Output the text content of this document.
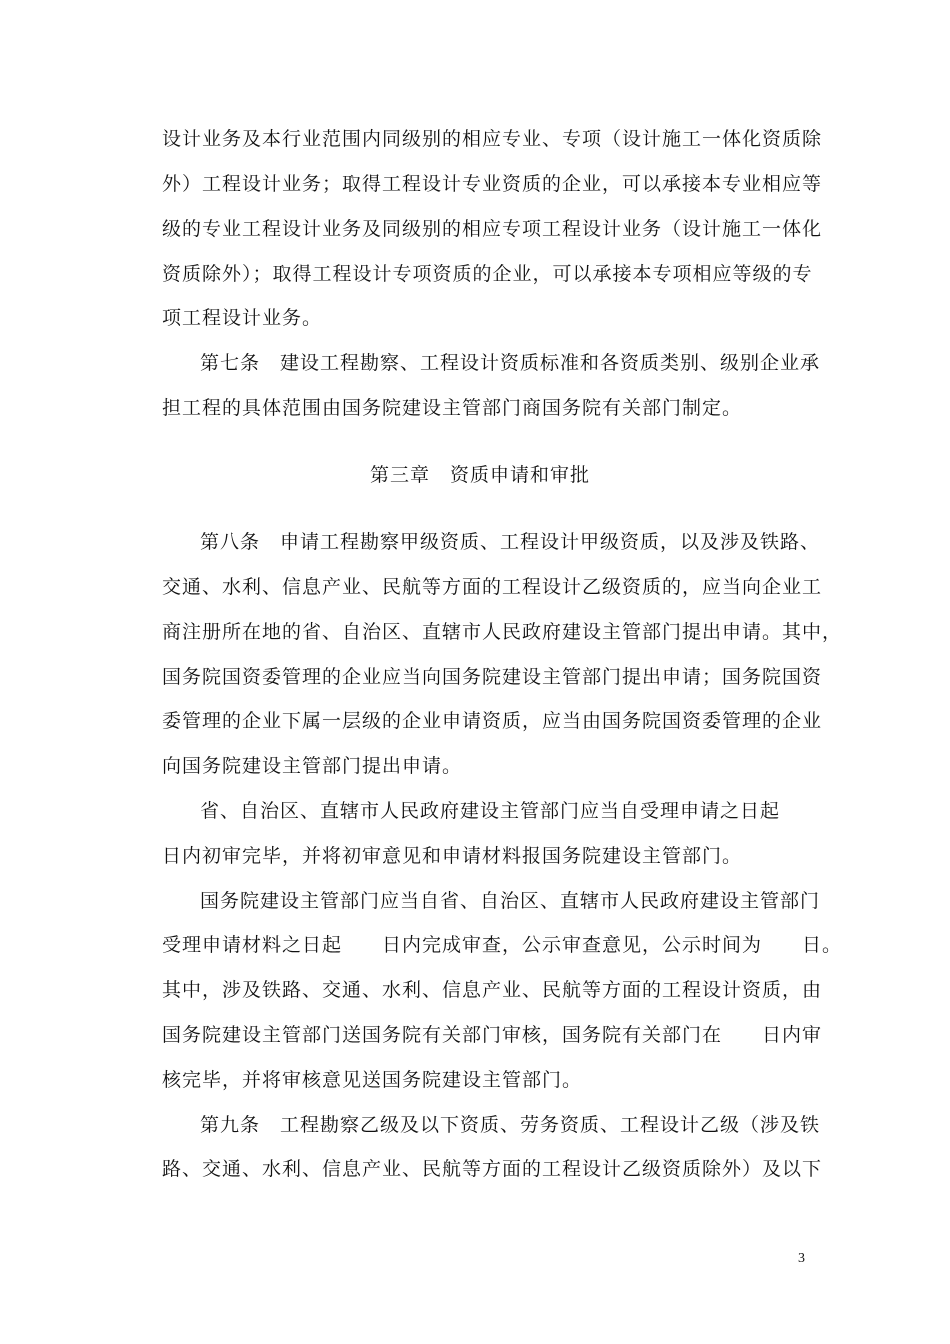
设计业务及本行业范围内同级别的相应专业、专项（设计施工一体化资质除
外）工程设计业务；取得工程设计专业资质的企业，可以承接本专业相应等
级的专业工程设计业务及同级别的相应专项工程设计业务（设计施工一体化
资质除外）；取得工程设计专项资质的企业，可以承接本专项相应等级的专
项工程设计业务。
第七条　建设工程勘察、工程设计资质标准和各资质类别、级别企业承
担工程的具体范围由国务院建设主管部门商国务院有关部门制定。
第三章　资质申请和审批
第八条　申请工程勘察甲级资质、工程设计甲级资质，以及涉及铁路、
交通、水利、信息产业、民航等方面的工程设计乙级资质的，应当向企业工
商注册所在地的省、自治区、直辖市人民政府建设主管部门提出申请。其中，
国务院国资委管理的企业应当向国务院建设主管部门提出申请；国务院国资
委管理的企业下属一层级的企业申请资质，应当由国务院国资委管理的企业
向国务院建设主管部门提出申请。
省、自治区、直辖市人民政府建设主管部门应当自受理申请之日起
日内初审完毕，并将初审意见和申请材料报国务院建设主管部门。
国务院建设主管部门应当自省、自治区、直辖市人民政府建设主管部门
受理申请材料之日起　　日内完成审查，公示审查意见，公示时间为　　日。
其中，涉及铁路、交通、水利、信息产业、民航等方面的工程设计资质，由
国务院建设主管部门送国务院有关部门审核，国务院有关部门在　　日内审
核完毕，并将审核意见送国务院建设主管部门。
第九条　工程勘察乙级及以下资质、劳务资质、工程设计乙级（涉及铁
路、交通、水利、信息产业、民航等方面的工程设计乙级资质除外）及以下
3
